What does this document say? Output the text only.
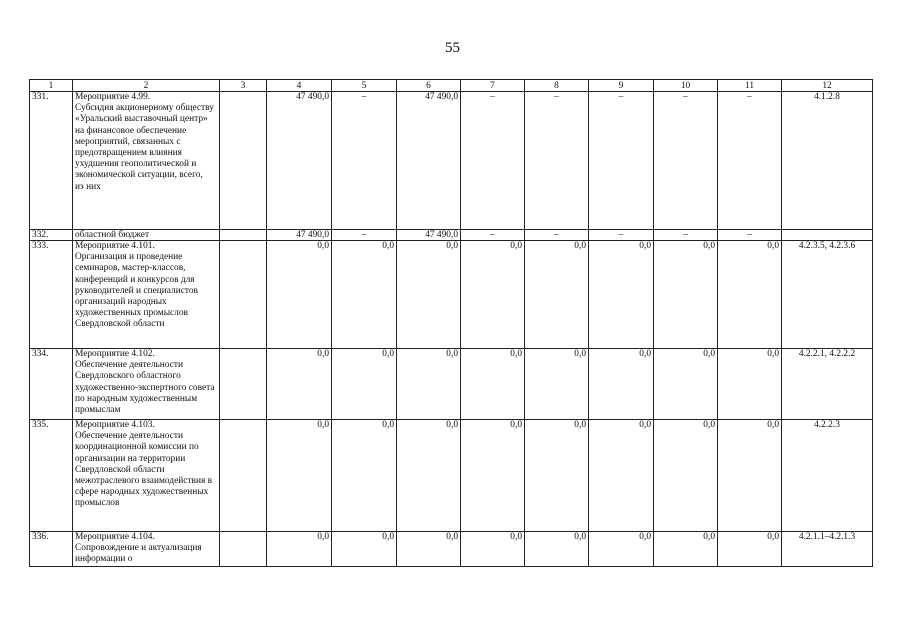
55
1	2	3	4	5	6	7	8	9	10	11	12
331.	Мероприятие 4.99.
Субсидия акционерному обществу «Уральский выставочный центр»
на финансовое обеспечение мероприятий, связанных с предотвращением влияния ухудшения геополитической и экономической ситуации, всего,
из них		47 490,0	–	47 490,0	–	–	–	–	–	4.1.2.8
332.	областной бюджет		47 490,0	–	47 490,0	–	–	–	–	–	
333.	Мероприятие 4.101.
Организация и проведение семинаров, мастер-классов, конференций и конкурсов для руководителей и специалистов организаций народных художественных промыслов Свердловской области		0,0	0,0	0,0	0,0	0,0	0,0	0,0	0,0	4.2.3.5, 4.2.3.6
334.	Мероприятие 4.102.
Обеспечение деятельности Свердловского областного художественно-экспертного совета по народным художественным промыслам		0,0	0,0	0,0	0,0	0,0	0,0	0,0	0,0	4.2.2.1, 4.2.2.2
335.	Мероприятие 4.103.
Обеспечение деятельности координационной комиссии по организации на территории Свердловской области межотраслевого взаимодействия в сфере народных художественных промыслов		0,0	0,0	0,0	0,0	0,0	0,0	0,0	0,0	4.2.2.3
336.	Мероприятие 4.104.
Сопровождение и актуализация информации о		0,0	0,0	0,0	0,0	0,0	0,0	0,0	0,0	4.2.1.1–4.2.1.3
